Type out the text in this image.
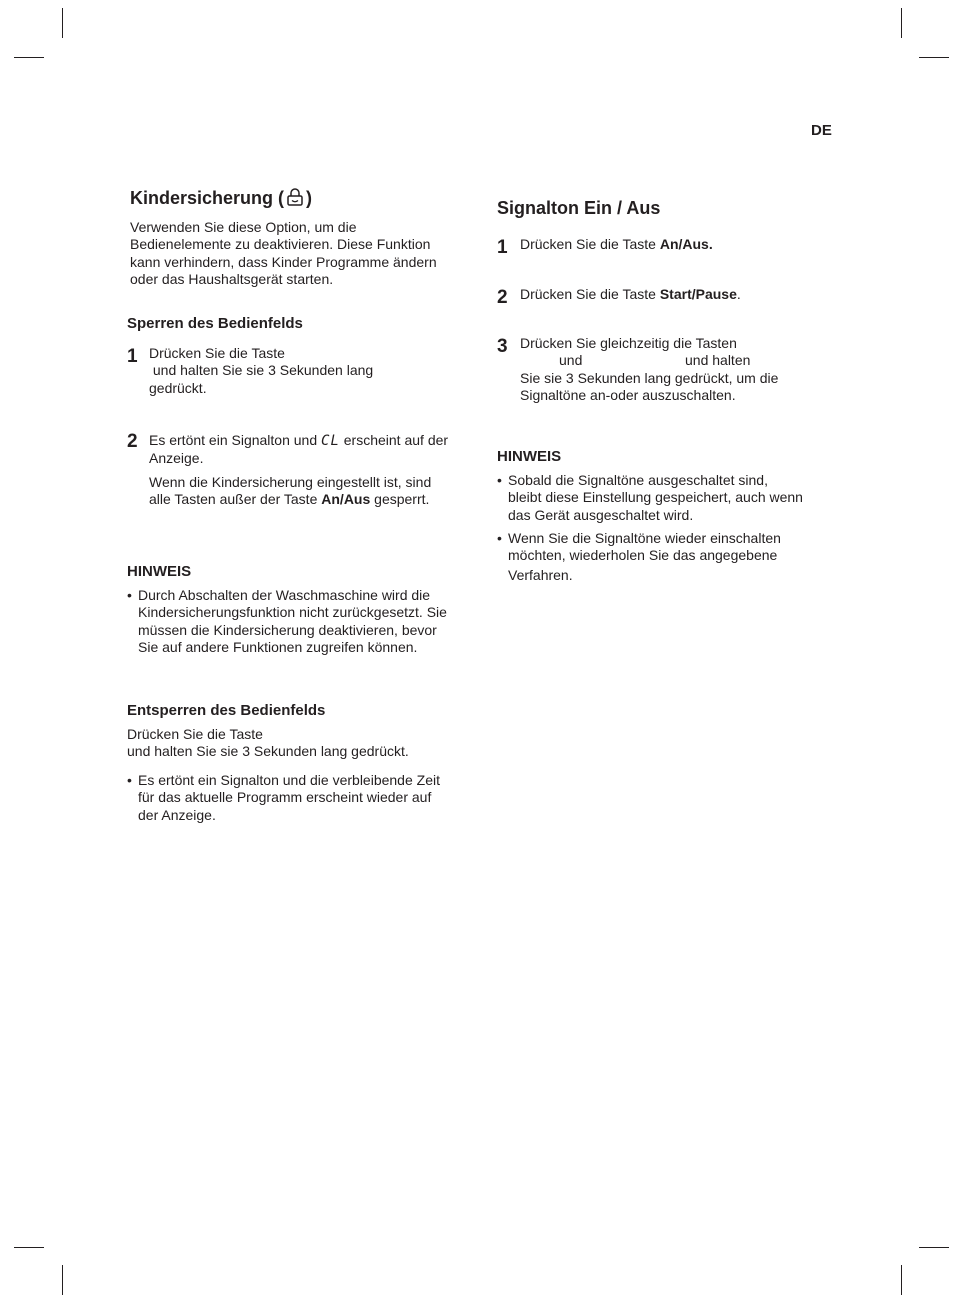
DE
Kindersicherung ( )
Verwenden Sie diese Option, um die
Bedienelemente zu deaktivieren. Diese Funktion
kann verhindern, dass Kinder Programme ändern
oder das Haushaltsgerät starten.
Sperren des Bedienfelds
1 Drücken Sie die Taste
und halten Sie sie 3 Sekunden lang
gedrückt.
2 Es ertönt ein Signalton und CL erscheint auf der
Anzeige.
Wenn die Kindersicherung eingestellt ist, sind
alle Tasten außer der Taste An/Aus gesperrt.
HINWEIS
• Durch Abschalten der Waschmaschine wird die
Kindersicherungsfunktion nicht zurückgesetzt. Sie
müssen die Kindersicherung deaktivieren, bevor
Sie auf andere Funktionen zugreifen können.
Entsperren des Bedienfelds
Drücken Sie die Taste
und halten Sie sie 3 Sekunden lang gedrückt.
• Es ertönt ein Signalton und die verbleibende Zeit
für das aktuelle Programm erscheint wieder auf
der Anzeige.
Signalton Ein / Aus
1 Drücken Sie die Taste An/Aus.
2 Drücken Sie die Taste Start/Pause.
3 Drücken Sie gleichzeitig die Tasten
und	und halten
Sie sie 3 Sekunden lang gedrückt, um die
Signaltöne an-oder auszuschalten.
HINWEIS
• Sobald die Signaltöne ausgeschaltet sind,
bleibt diese Einstellung gespeichert, auch wenn
das Gerät ausgeschaltet wird.
• Wenn Sie die Signaltöne wieder einschalten
möchten, wiederholen Sie das angegebene
Verfahren.
